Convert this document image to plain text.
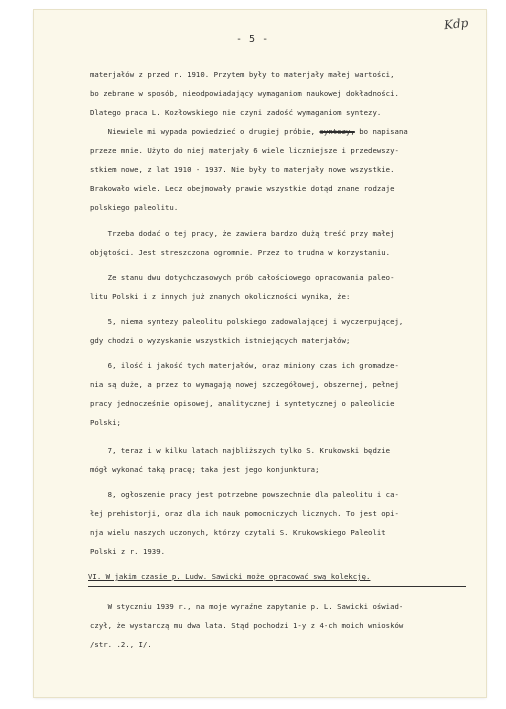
Kdp
- 5 -
materjałów z przed r. 1910. Przytem były to materjały małej wartości,
bo zebrane w sposób, nieodpowiadający wymaganiom naukowej dokładności.
Dlatego praca L. Kozłowskiego nie czyni zadość wymaganiom syntezy.
Niewiele mi wypada powiedzieć o drugiej próbie, syntezy, bo napisana
przeze mnie. Użyto do niej materjały 6 wiele liczniejsze i przedewszy-
stkiem nowe, z lat 1910 - 1937. Nie były to materjały nowe wszystkie.
Brakowało wiele. Lecz obejmowały prawie wszystkie dotąd znane rodzaje
polskiego paleolitu.
Trzeba dodać o tej pracy, że zawiera bardzo dużą treść przy małej
objętości. Jest streszczona ogromnie. Przez to trudna w korzystaniu.
Ze stanu dwu dotychczasowych prób całościowego opracowania paleo-
litu Polski i z innych już znanych okoliczności wynika, że:
5, niema syntezy paleolitu polskiego zadowalającej i wyczerpującej,
gdy chodzi o wyzyskanie wszystkich istniejących materjałów;
6, ilość i jakość tych materjałów, oraz miniony czas ich gromadze-
nia są duże, a przez to wymagają nowej szczegółowej, obszernej, pełnej
pracy jednocześnie opisowej, analitycznej i syntetycznej o paleolicie
Polski;
7, teraz i w kilku latach najbliższych tylko S. Krukowski będzie
mógł wykonać taką pracę; taka jest jego konjunktura;
8, ogłoszenie pracy jest potrzebne powszechnie dla paleolitu i ca-
łej prehistorji, oraz dla ich nauk pomocniczych licznych. To jest opi-
nja wielu naszych uczonych, którzy czytali S. Krukowskiego Paleolit
Polski z r. 1939.
VI. W jakim czasie p. Ludw. Sawicki może opracować swą kolekcję.
W styczniu 1939 r., na moje wyraźne zapytanie p. L. Sawicki oświad-
czył, że wystarczą mu dwa lata. Stąd pochodzi 1-y z 4-ch moich wniosków
/str. .2., I/.
